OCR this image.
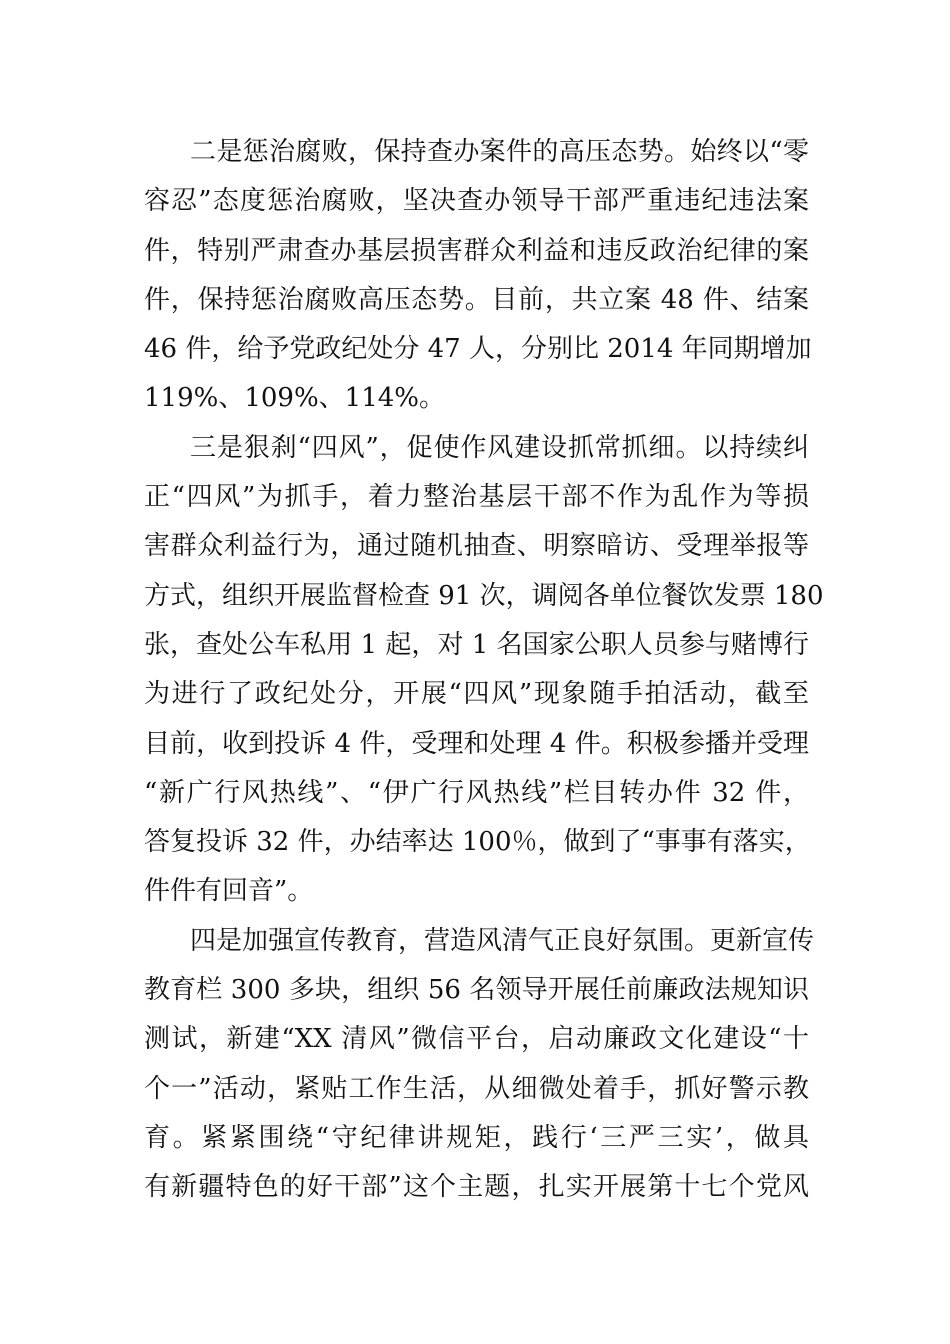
二是惩治腐败，保持查办案件的高压态势。始终以“零
容忍”态度惩治腐败，坚决查办领导干部严重违纪违法案
件，特别严肃查办基层损害群众利益和违反政治纪律的案
件，保持惩治腐败高压态势。目前，共立案 48 件、结案
46 件，给予党政纪处分 47 人，分别比 2014 年同期增加
119%、109%、114%。
三是狠刹“四风”，促使作风建设抓常抓细。以持续纠
正“四风”为抓手，着力整治基层干部不作为乱作为等损
害群众利益行为，通过随机抽查、明察暗访、受理举报等
方式，组织开展监督检查 91 次，调阅各单位餐饮发票 180
张，查处公车私用 1 起，对 1 名国家公职人员参与赌博行
为进行了政纪处分，开展“四风”现象随手拍活动，截至
目前，收到投诉 4 件，受理和处理 4 件。积极参播并受理
“新广行风热线”、“伊广行风热线”栏目转办件 32 件，
答复投诉 32 件，办结率达 100％，做到了“事事有落实，
件件有回音”。
四是加强宣传教育，营造风清气正良好氛围。更新宣传
教育栏 300 多块，组织 56 名领导开展任前廉政法规知识
测试，新建“XX 清风”微信平台，启动廉政文化建设“十
个一”活动，紧贴工作生活，从细微处着手，抓好警示教
育。紧紧围绕“守纪律讲规矩，践行‘三严三实’，做具
有新疆特色的好干部”这个主题，扎实开展第十七个党风
